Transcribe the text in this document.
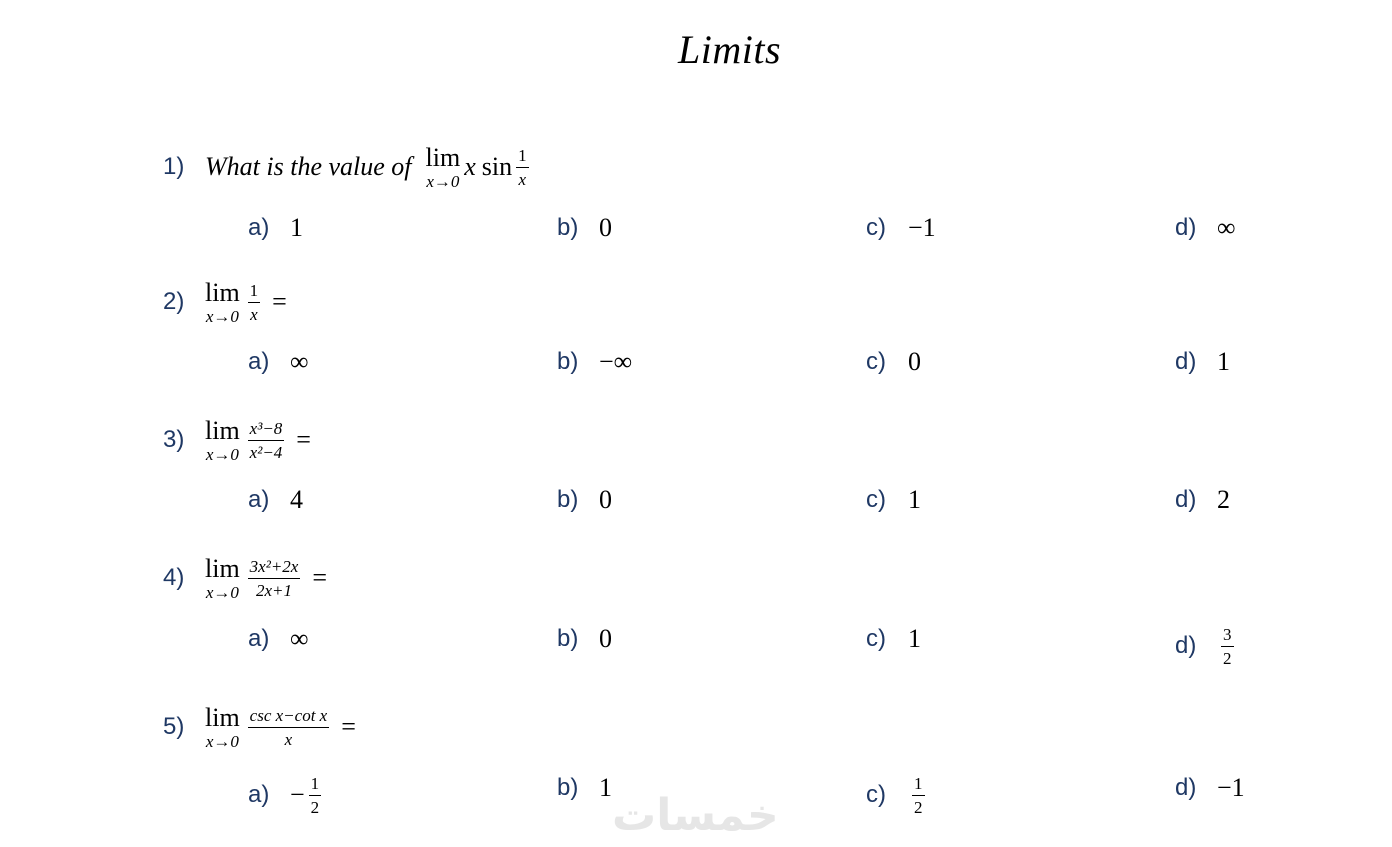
Limits
1) What is the value of lim
x→0 x $\sin \frac{1}{x}$
a) 1	b) 0	c) −1	d) ∞
2) lim
$x\to 0 \frac{1}{x}$ =
a) ∞	b) −∞	c) 0	d) 1
3) lim
$x\to 0 \frac{\text{x³−8}}{\text{x²−4}}$ =
a) 4	b) 0	c) 1	d) 2
4) lim
$x\to 0 \frac{\text{3x²+2x}}{2x+1}$ =
a) ∞	b) 0	c) 1	d)	$\frac{3}{2}$
5) lim
$x\to 0 \frac{\text{csc x−cot x}}{x}$ =
$a) - \frac{1}{2}$	b) 1	c)	$\frac{1}{2}$	d) −1
خمسات
